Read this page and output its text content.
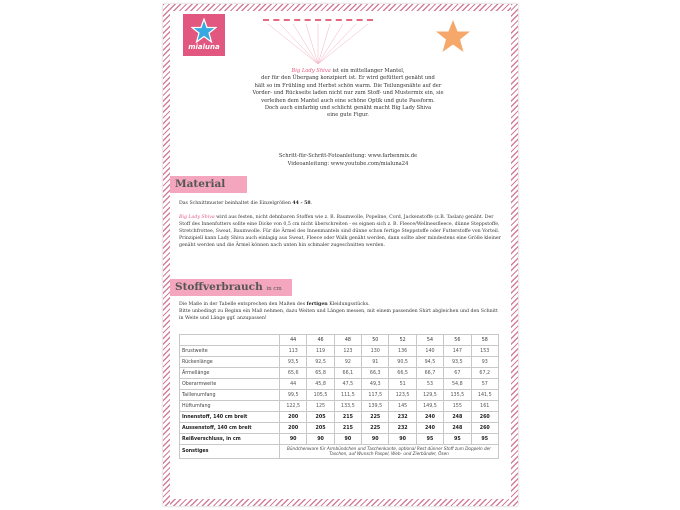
mialuna
Big Lady Shiva ist ein mittellanger Mantel,
der für den Übergang konzipiert ist. Er wird gefüttert genäht und
hält so im Frühling und Herbst schön warm. Die Teilungsnähte auf der
Vorder- und Rückseite laden nicht nur zum Stoff- und Mustermix ein, sie
verleihen dem Mantel auch eine schöne Optik und gute Passform.
Doch auch einfarbig und schlicht genäht macht Big Lady Shiva
eine gute Figur.
Schritt-für-Schritt-Fotoanleitung: www.farbenmix.de
Videoanleitung: www.youtube.com/mialuna24
Material
Das Schnittmuster beinhaltet die Einzelgrößen 44 - 58.
Big Lady Shiva wird aus festen, nicht dehnbaren Stoffen wie z. B. Baumwolle, Popeline, Cord, Jackenstoffe (z.B. Taslan) genäht. Der Stoff des Innenfutters sollte eine Dicke von 0,5 cm nicht überschreiten - es eignen sich z. B. Fleece/Wellnessfleece, dünne Steppstoffe, Stretchfrottee, Sweat, Baumwolle. Für die Ärmel des Innenmantels sind dünne schon fertige Steppstoffe oder Futterstoffe von Vorteil.
Prinzipiell kann Lady Shiva auch einlagig aus Sweat, Fleece oder Walk genäht werden, dann sollte aber mindestens eine Größe kleiner genäht werden und die Ärmel können nach unten hin schmaler zugeschnitten werden.
Stoffverbrauch in cm
Die Maße in der Tabelle entsprechen den Maßen des fertigen Kleidungsstücks.
Bitte unbedingt zu Beginn ein Maß nehmen, dazu Weiten und Längen messen, mit einem passenden Shirt abgleichen und den Schnitt in Weite und Länge ggf. anzupassen!
	44	46	48	50	52	54	56	58
Brustweite	113	119	123	130	136	140	147	153
Rückenlänge	93,5	92,5	92	91	90,5	94,5	93,5	93
Ärmellänge	65,6	65,8	66,1	66,3	66,5	66,7	67	67,2
Oberarmweite	44	45,8	47,5	49,3	51	53	54,8	57
Taillenumfang	99,5	105,5	111,5	117,5	123,5	129,5	135,5	141,5
Hüftumfang	122,5	125	133,5	139,5	145	149,5	155	161
Innenstoff, 140 cm breit	200	205	215	225	232	240	248	260
Aussenstoff, 140 cm breit	200	205	215	225	232	240	248	260
Reißverschluss, in cm	90	90	90	90	90	95	95	95
Sonstiges	Bündchenware für Armbündchen und Taschenkante, optional Rest dünner Stoff zum Doppeln der Taschen, auf Wunsch Paspel, Web- und Zierbänder, Ösen							
